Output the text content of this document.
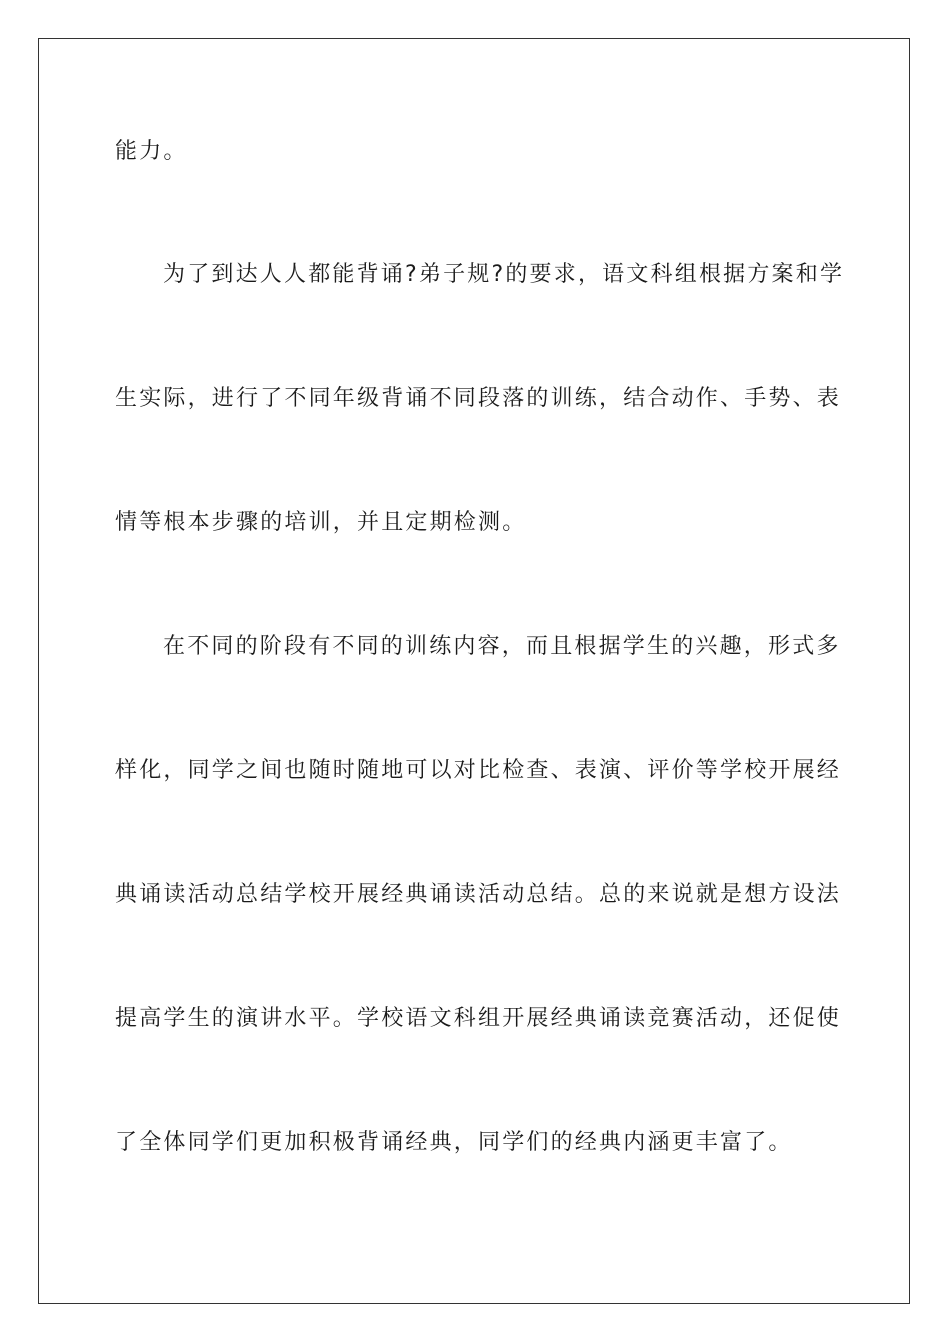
能力。
为了到达人人都能背诵?弟子规?的要求，语文科组根据方案和学
生实际，进行了不同年级背诵不同段落的训练，结合动作、手势、表
情等根本步骤的培训，并且定期检测。
在不同的阶段有不同的训练内容，而且根据学生的兴趣，形式多
样化，同学之间也随时随地可以对比检查、表演、评价等学校开展经
典诵读活动总结学校开展经典诵读活动总结。总的来说就是想方设法
提高学生的演讲水平。学校语文科组开展经典诵读竞赛活动，还促使
了全体同学们更加积极背诵经典，同学们的经典内涵更丰富了。
